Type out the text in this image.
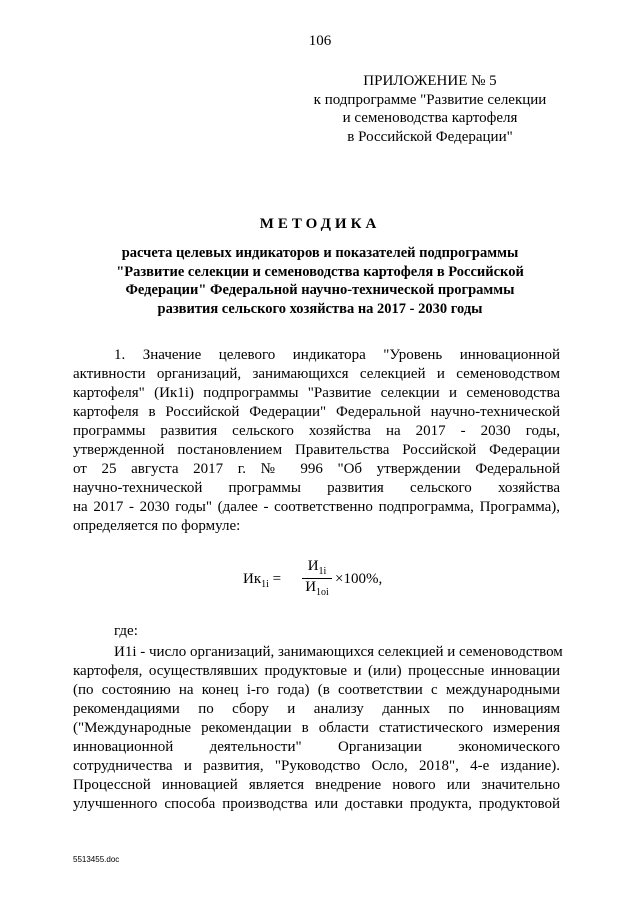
106
ПРИЛОЖЕНИЕ № 5
к подпрограмме "Развитие селекции
и семеноводства картофеля
в Российской Федерации"
МЕТОДИКА
расчета целевых индикаторов и показателей подпрограммы
"Развитие селекции и семеноводства картофеля в Российской
Федерации" Федеральной научно-технической программы
развития сельского хозяйства на 2017 - 2030 годы
1. Значение целевого индикатора "Уровень инновационной
активности организаций, занимающихся селекцией и семеноводством
картофеля" (Ик1i) подпрограммы "Развитие селекции и семеноводства
картофеля в Российской Федерации" Федеральной научно-технической
программы развития сельского хозяйства на 2017 - 2030 годы,
утвержденной постановлением Правительства Российской Федерации
от 25 августа 2017 г. № 996 "Об утверждении Федеральной
научно-технической программы развития сельского хозяйства
на 2017 - 2030 годы" (далее - соответственно подпрограмма, Программа),
определяется по формуле:
$Ик_{1i}$ =
$И_{1i}$
$И_{1oi}$
×100%,
где:
И1i - число организаций, занимающихся селекцией и семеноводством
картофеля, осуществлявших продуктовые и (или) процессные инновации
(по состоянию на конец i-го года) (в соответствии с международными
рекомендациями по сбору и анализу данных по инновациям
("Международные рекомендации в области статистического измерения
инновационной деятельности" Организации экономического
сотрудничества и развития, "Руководство Осло, 2018", 4-е издание).
Процессной инновацией является внедрение нового или значительно
улучшенного способа производства или доставки продукта, продуктовой
5513455.doc
